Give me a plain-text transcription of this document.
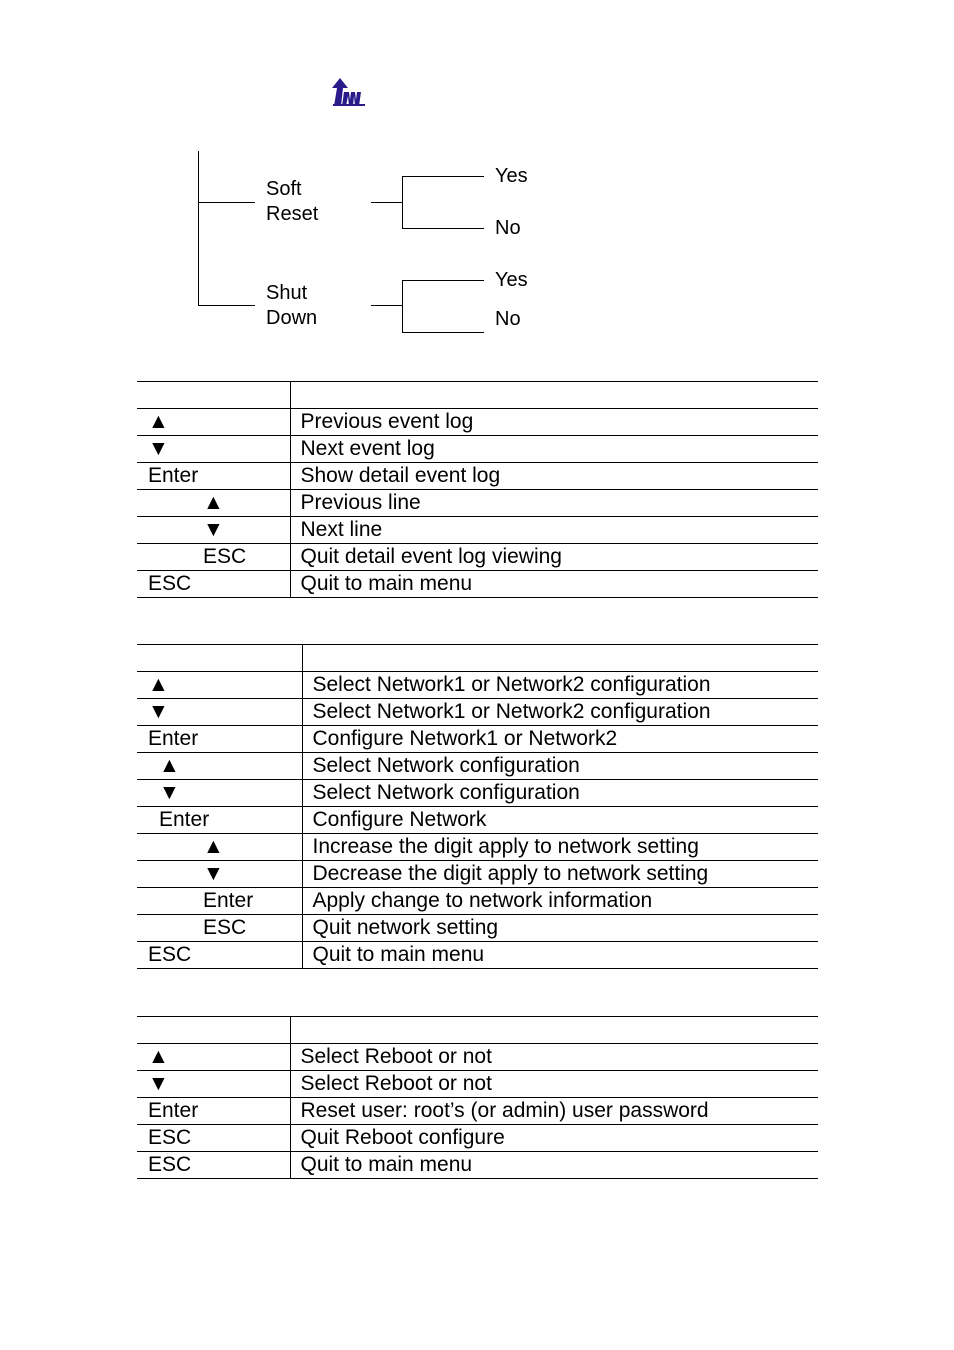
Soft
Reset
Shut
Down
Yes
No
Yes
No

▲	Previous event log
▼	Next event log
Enter	Show detail event log
▲	Previous line
▼	Next line
ESC	Quit detail event log viewing
ESC	Quit to main menu

▲	Select Network1 or Network2 configuration
▼	Select Network1 or Network2 configuration
Enter	Configure Network1 or Network2
▲	Select Network configuration
▼	Select Network configuration
Enter	Configure Network
▲	Increase the digit apply to network setting
▼	Decrease the digit apply to network setting
Enter	Apply change to network information
ESC	Quit network setting
ESC	Quit to main menu

▲	Select Reboot or not
▼	Select Reboot or not
Enter	Reset user: root’s (or admin) user password
ESC	Quit Reboot configure
ESC	Quit to main menu
